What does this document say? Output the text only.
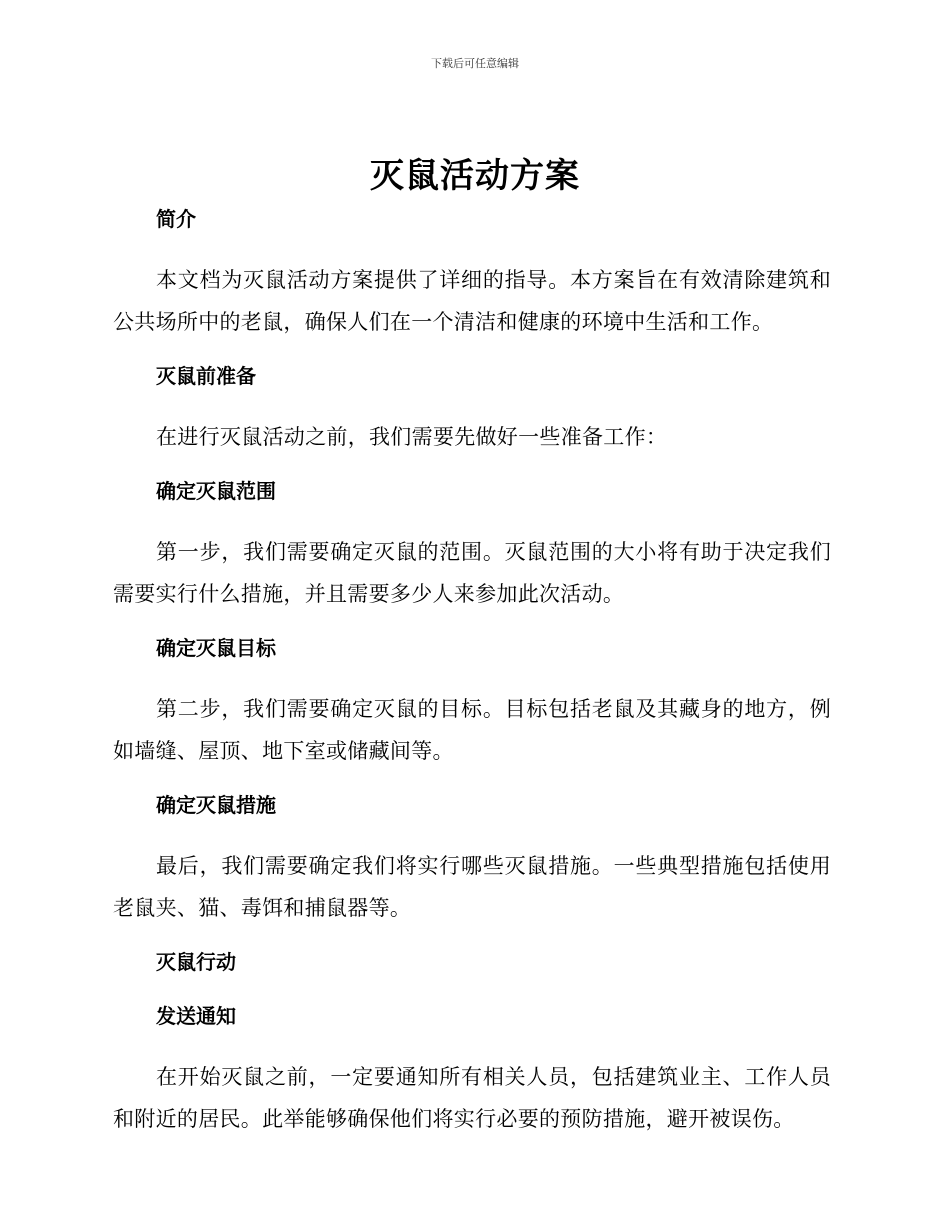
下载后可任意编辑
灭鼠活动方案
简介

本文档为灭鼠活动方案提供了详细的指导。本方案旨在有效清除建筑和公共场所中的老鼠，确保人们在一个清洁和健康的环境中生活和工作。

灭鼠前准备

在进行灭鼠活动之前，我们需要先做好一些准备工作：

确定灭鼠范围

第一步，我们需要确定灭鼠的范围。灭鼠范围的大小将有助于决定我们需要实行什么措施，并且需要多少人来参加此次活动。

确定灭鼠目标

第二步，我们需要确定灭鼠的目标。目标包括老鼠及其藏身的地方，例如墙缝、屋顶、地下室或储藏间等。

确定灭鼠措施

最后，我们需要确定我们将实行哪些灭鼠措施。一些典型措施包括使用老鼠夹、猫、毒饵和捕鼠器等。

灭鼠行动
发送通知

在开始灭鼠之前，一定要通知所有相关人员，包括建筑业主、工作人员和附近的居民。此举能够确保他们将实行必要的预防措施，避开被误伤。
